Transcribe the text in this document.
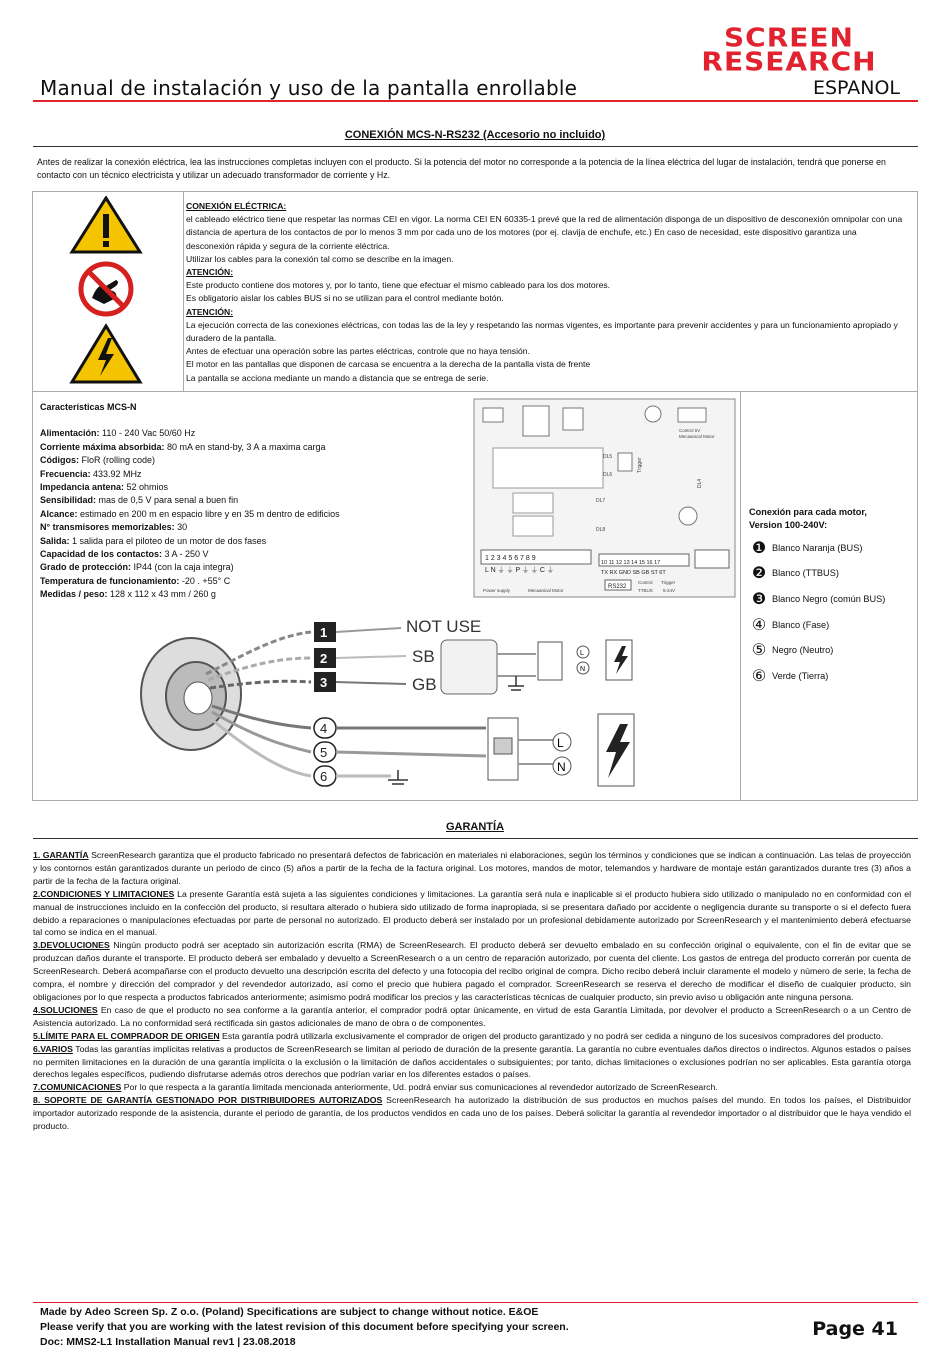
Manual de instalación y uso de la pantalla enrollable
SCREEN
RESEARCH
ESPANOL
CONEXIÓN MCS-N-RS232 (Accesorio no incluido)
Antes de realizar la conexión eléctrica, lea las instrucciones completas incluyen con el producto. Si la potencia del motor no corresponde a la potencia de la línea eléctrica del lugar de instalación, tendrá que ponerse en contacto con un técnico electricista y utilizar un adecuado transformador de corriente y Hz.
CONEXIÓN ELÉCTRICA:
el cableado eléctrico tiene que respetar las normas CEI en vigor. La norma CEI EN 60335-1 prevé que la red de alimentación disponga de un dispositivo de desconexión omnipolar con una distancia de apertura de los contactos de por lo menos 3 mm por cada uno de los motores (por ej. clavija de enchufe, etc.) En caso de necesidad, este dispositivo garantiza una desconexión rápida y segura de la corriente eléctrica.
Utilizar los cables para la conexión tal como se describe en la imagen.
ATENCIÓN:
Este producto contiene dos motores y, por lo tanto, tiene que efectuar el mismo cableado para los dos motores.
Es obligatorio aislar los cables BUS si no se utilizan para el control mediante botón.
ATENCIÓN:
La ejecución correcta de las conexiones eléctricas, con todas las de la ley y respetando las normas vigentes, es importante para prevenir accidentes y para un funcionamiento apropiado y duradero de la pantalla.
Antes de efectuar una operación sobre las partes eléctricas, controle que no haya tensión.
El motor en las pantallas que disponen de carcasa se encuentra a la derecha de la pantalla vista de frente
La pantalla se acciona mediante un mando a distancia que se entrega de serie.
Características MCS-N
Alimentación: 110 - 240 Vac 50/60 Hz
Corriente máxima absorbida: 80 mA en stand-by, 3 A a maxima carga
Códigos: FloR (rolling code)
Frecuencia: 433.92 MHz
Impedancia antena: 52 ohmios
Sensibilidad: mas de 0,5 V para senal a buen fin
Alcance: estimado en 200 m en espacio libre y en 35 m dentro de edificios
N° transmisores memorizables: 30
Salida: 1 salida para el piloteo de un motor de dos fases
Capacidad de los contactos: 3 A - 250 V
Grado de protección: IP44 (con la caja integra)
Temperatura de funcionamiento: -20 . +55° C
Medidas / peso: 128 x 112 x 43 mm / 260 g
Control 5V
Mecaanical Motor
DL5
DL6
Trigger
DL4
DL7
DL8
1 2 3 4 5 6 7 8 9
L N ⏚ ⏚ P ⏚ ⏚ C ⏚
Power supply	Mecaanical Motor
10 11 12 13 14 15 16 17
TX RX GND SB GB ST 6T
RS232
Control Trigger
TTBUS 5-24V
Conexión para cada motor,
Version 100-240V:
❶ Blanco Naranja (BUS)
❷ Blanco (TTBUS)
❸ Blanco Negro (común BUS)
④ Blanco (Fase)
⑤ Negro (Neutro)
⑥ Verde (Tierra)
1
2
3
4
5
6
NOT USE
SB
GB
L
N
L
N
GARANTÍA
1. GARANTÍA ScreenResearch garantiza que el producto fabricado no presentará defectos de fabricación en materiales ni elaboraciones, según los términos y condiciones que se indican a continuación. Las telas de proyección y los contornos están garantizados durante un periodo de cinco (5) años a partir de la fecha de la factura original. Los motores, mandos de motor, telemandos y hardware de montaje están garantizados durante tres (3) años a partir de la fecha de la factura original.
2.CONDICIONES Y LIMITACIONES La presente Garantía está sujeta a las siguientes condiciones y limitaciones. La garantía será nula e inaplicable si el producto hubiera sido utilizado o manipulado no en conformidad con el manual de instrucciones incluido en la confección del producto, si resultara alterado o hubiera sido utilizado de forma inapropiada, si se presentara dañado por accidente o negligencia durante su transporte o si el defecto fuera debido a reparaciones o manipulaciones efectuadas por parte de personal no autorizado. El producto deberá ser instalado por un profesional debidamente autorizado por ScreenResearch y el mantenimiento deberá efectuarse tal como se indica en el manual.
3.DEVOLUCIONES Ningún producto podrá ser aceptado sin autorización escrita (RMA) de ScreenResearch. El producto deberá ser devuelto embalado en su confección original o equivalente, con el fin de evitar que se produzcan daños durante el transporte. El producto deberá ser embalado y devuelto a ScreenResearch o a un centro de reparación autorizado, por cuenta del cliente. Los gastos de entrega del producto correrán por cuenta de ScreenResearch. Deberá acompañarse con el producto devuelto una descripción escrita del defecto y una fotocopia del recibo original de compra. Dicho recibo deberá incluir claramente el modelo y número de serie, la fecha de compra, el nombre y dirección del comprador y del revendedor autorizado, así como el precio que hubiera pagado el comprador. ScreenResearch se reserva el derecho de modificar el diseño de cualquier producto, sin obligaciones por lo que respecta a productos fabricados anteriormente; asimismo podrá modificar los precios y las características técnicas de cualquier producto, sin previo aviso u obligación ante ninguna persona.
4.SOLUCIONES En caso de que el producto no sea conforme a la garantía anterior, el comprador podrá optar únicamente, en virtud de esta Garantía Limitada, por devolver el producto a ScreenResearch o a un Centro de Asistencia autorizado. La no conformidad será rectificada sin gastos adicionales de mano de obra o de componentes.
5.LÍMITE PARA EL COMPRADOR DE ORIGEN Esta garantía podrá utilizarla exclusivamente el comprador de origen del producto garantizado y no podrá ser cedida a ninguno de los sucesivos compradores del producto.
6.VARIOS Todas las garantías implícitas relativas a productos de ScreenResearch se limitan al periodo de duración de la presente garantía. La garantía no cubre eventuales daños directos o indirectos. Algunos estados o países no permiten limitaciones en la duración de una garantía implícita o la exclusión o la limitación de daños accidentales o subsiguientes; por tanto, dichas limitaciones o exclusiones podrían no ser aplicables. Esta garantía otorga derechos legales específicos, pudiendo disfrutarse además otros derechos que podrían variar en los diferentes estados o países.
7.COMUNICACIONES Por lo que respecta a la garantía limitada mencionada anteriormente, Ud. podrá enviar sus comunicaciones al revendedor autorizado de ScreenResearch.
8. SOPORTE DE GARANTÍA GESTIONADO POR DISTRIBUIDORES AUTORIZADOS ScreenResearch ha autorizado la distribución de sus productos en muchos países del mundo. En todos los países, el Distribuidor importador autorizado responde de la asistencia, durante el periodo de garantía, de los productos vendidos en cada uno de los países. Deberá solicitar la garantía al revendedor importador o al distribuidor que le haya vendido el producto.
Made by Adeo Screen Sp. Z o.o. (Poland) Specifications are subject to change without notice. E&OE
Please verify that you are working with the latest revision of this document before specifying your screen.
Doc: MMS2-L1 Installation Manual rev1 | 23.08.2018
Page 41
